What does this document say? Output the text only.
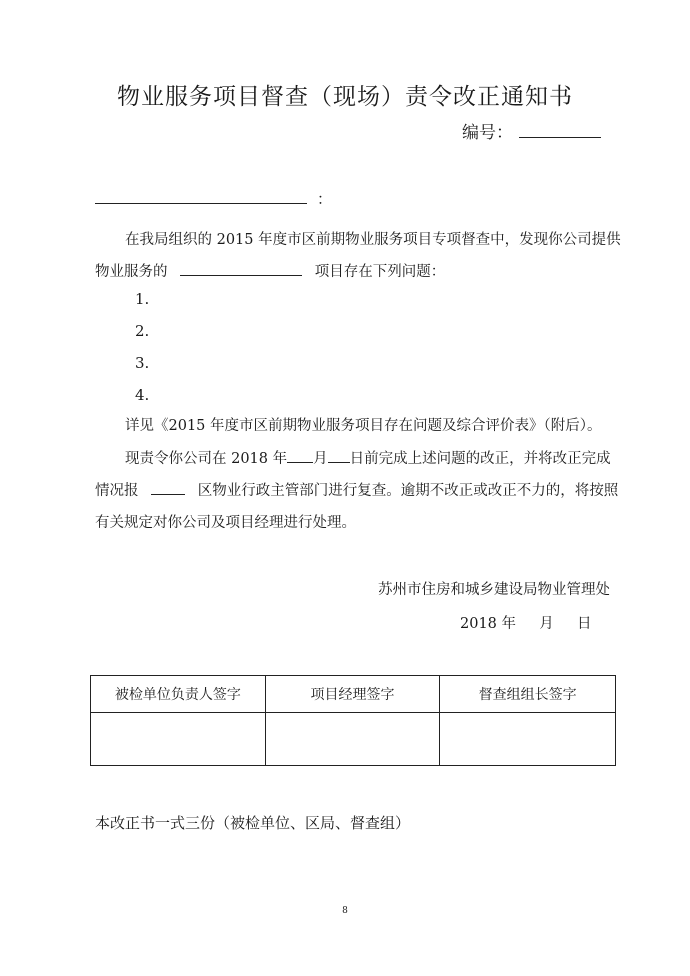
物业服务项目督查（现场）责令改正通知书
编号：
：
在我局组织的 2015 年度市区前期物业服务项目专项督查中，发现你公司提供
物业服务的	项目存在下列问题：
1.
2.
3.
4.
详见《2015 年度市区前期物业服务项目存在问题及综合评价表》（附后）。
现责令你公司在 2018 年 月 日前完成上述问题的改正，并将改正完成
情况报	区物业行政主管部门进行复查。逾期不改正或改正不力的，将按照
有关规定对你公司及项目经理进行处理。
苏州市住房和城乡建设局物业管理处
2018 年 月 日
被检单位负责人签字	项目经理签字	督查组组长签字

本改正书一式三份（被检单位、区局、督查组）
8
